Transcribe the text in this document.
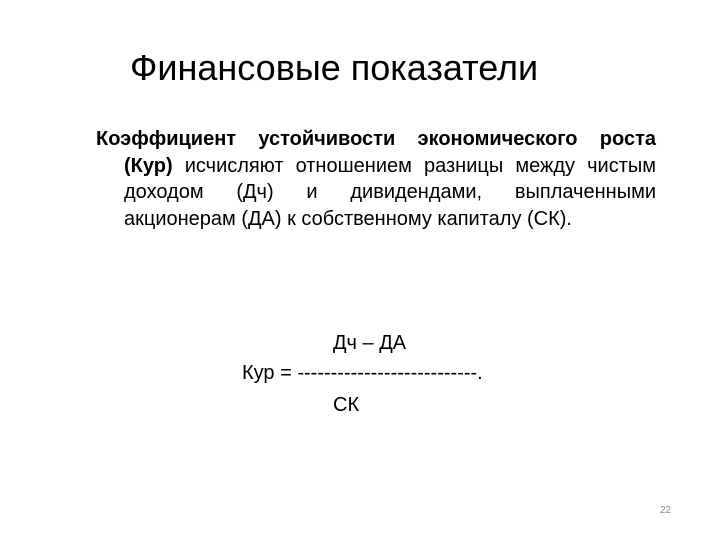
Финансовые показатели

Коэффициент устойчивости экономического роста (Кур) исчисляют отношением разницы между чистым доходом (Дч) и дивидендами, выплаченными акционерам (ДА) к собственному капиталу (СК).

Дч – ДА
Кур = ---------------------------.
СК
22
